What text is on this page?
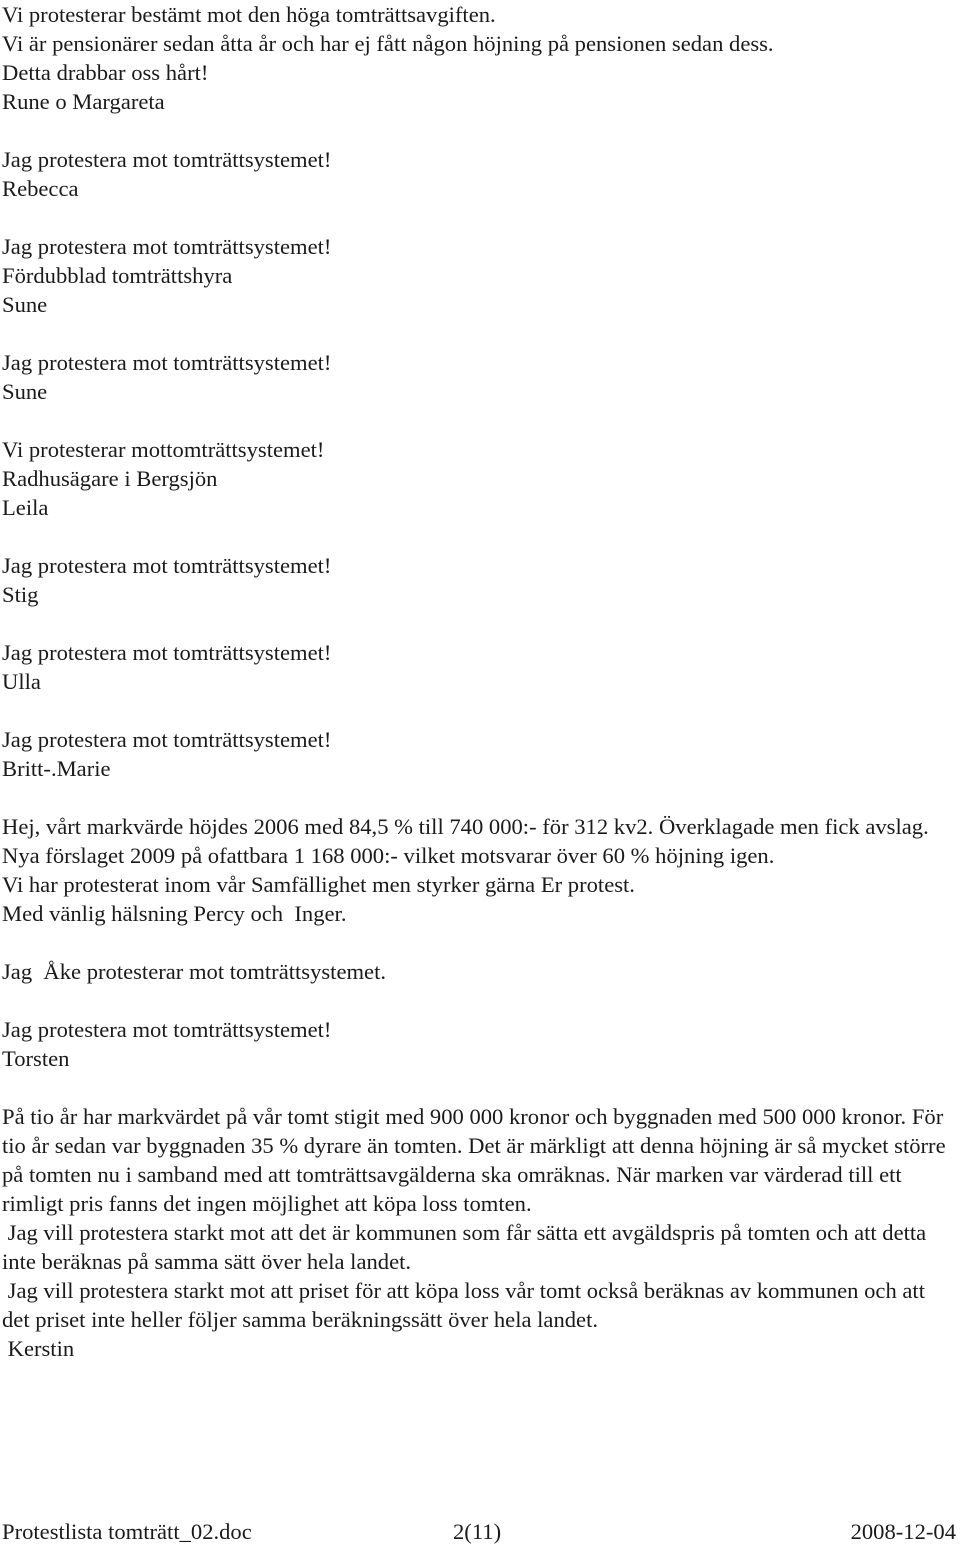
Vi protesterar bestämt mot den höga tomträttsavgiften.
Vi är pensionärer sedan åtta år och har ej fått någon höjning på pensionen sedan dess.
Detta drabbar oss hårt!
Rune o Margareta
Jag protestera mot tomträttsystemet!
Rebecca
Jag protestera mot tomträttsystemet!
Fördubblad tomträttshyra
Sune
Jag protestera mot tomträttsystemet!
Sune
Vi protesterar mottomträttsystemet!
Radhusägare i Bergsjön
Leila
Jag protestera mot tomträttsystemet!
Stig
Jag protestera mot tomträttsystemet!
Ulla
Jag protestera mot tomträttsystemet!
Britt-.Marie

Hej, vårt markvärde höjdes 2006 med 84,5 % till 740 000:- för 312 kv2. Överklagade men fick avslag.

Nya förslaget 2009 på ofattbara 1 168 000:- vilket motsvarar över 60 % höjning igen.
Vi har protesterat inom vår Samfällighet men styrker gärna Er protest.
Med vänlig hälsning Percy och  Inger.
Jag  Åke protesterar mot tomträttsystemet.
Jag protestera mot tomträttsystemet!
Torsten

På tio år har markvärdet på vår tomt stigit med 900 000 kronor och byggnaden med 500 000 kronor. För tio år sedan var byggnaden 35 % dyrare än tomten. Det är märkligt att denna höjning är så mycket större på tomten nu i samband med att tomträttsavgälderna ska omräknas. När marken var värderad till ett rimligt pris fanns det ingen möjlighet att köpa loss tomten.

Jag vill protestera starkt mot att det är kommunen som får sätta ett avgäldspris på tomten och att detta inte beräknas på samma sätt över hela landet.

Jag vill protestera starkt mot att priset för att köpa loss vår tomt också beräknas av kommunen och att det priset inte heller följer samma beräkningssätt över hela landet.

Kerstin
Protestlista tomträtt_02.doc	2(11)	2008-12-04
